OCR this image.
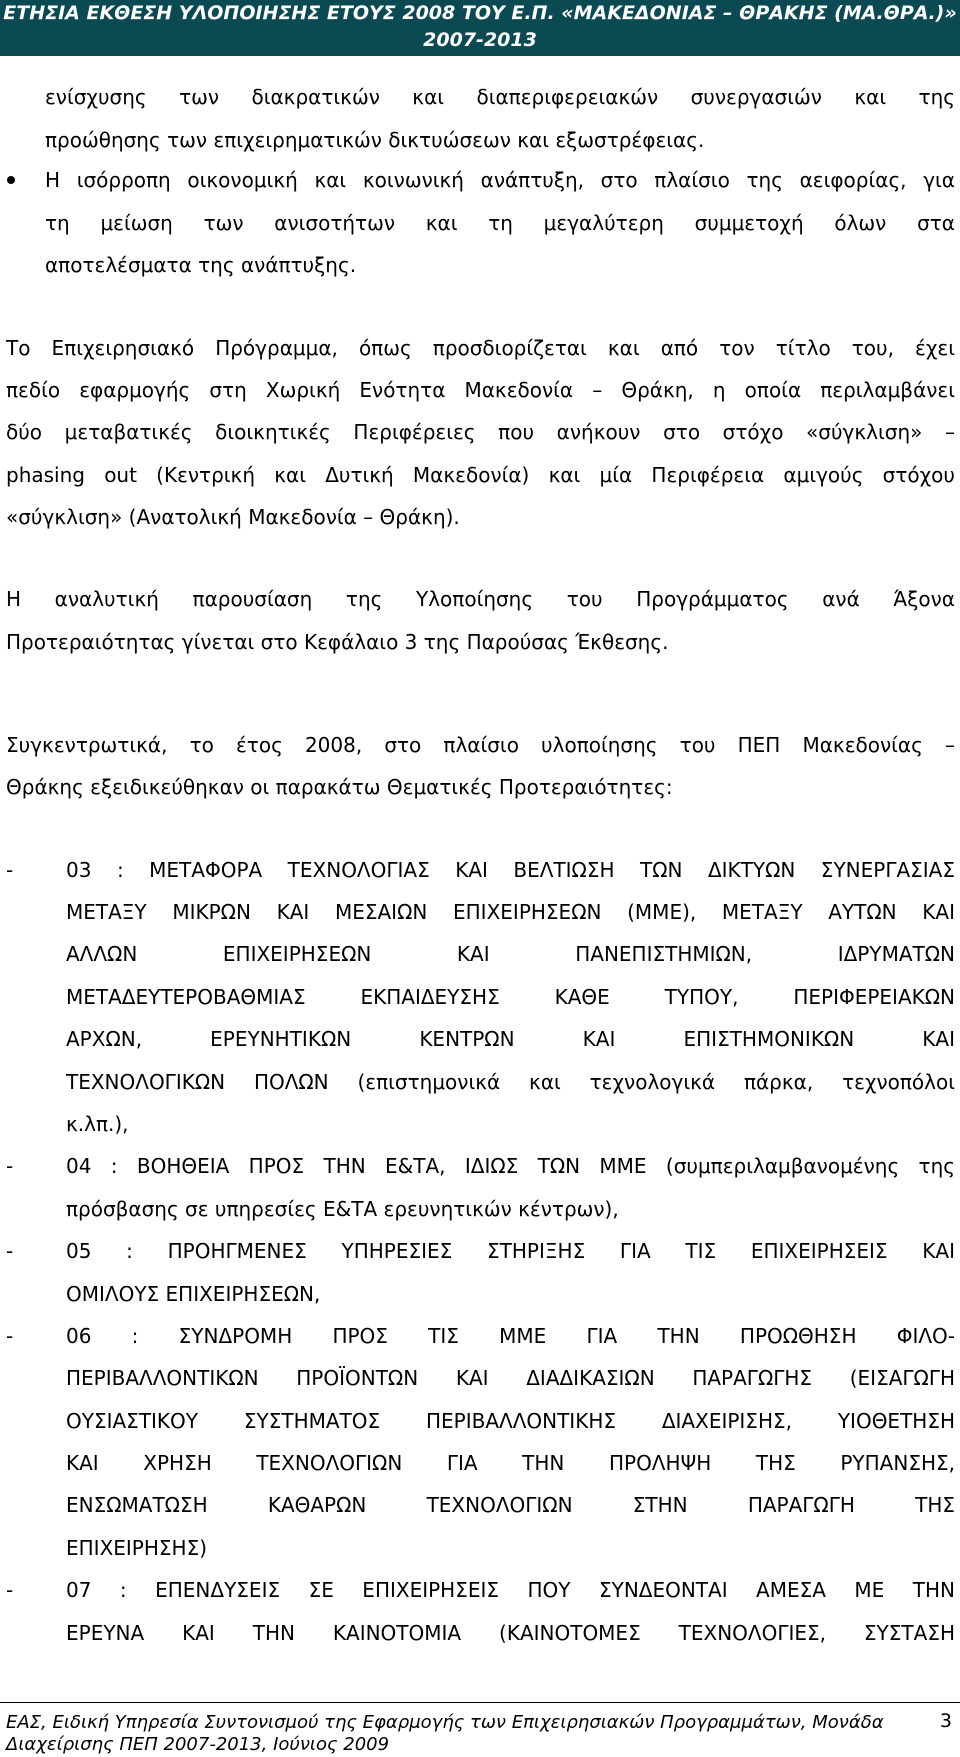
ΕΤΗΣΙΑ ΕΚΘΕΣΗ ΥΛΟΠΟΙΗΣΗΣ ΕΤΟΥΣ 2008 ΤΟΥ Ε.Π. «ΜΑΚΕΔΟΝΙΑΣ – ΘΡΑΚΗΣ (ΜΑ.ΘΡΑ.)»
2007-2013
ενίσχυσης των διακρατικών και διαπεριφερειακών συνεργασιών και της
προώθησης των επιχειρηματικών δικτυώσεων και εξωστρέφειας.
Η ισόρροπη οικονομική και κοινωνική ανάπτυξη, στο πλαίσιο της αειφορίας, για
τη μείωση των ανισοτήτων και τη μεγαλύτερη συμμετοχή όλων στα
αποτελέσματα της ανάπτυξης.
Το Επιχειρησιακό Πρόγραμμα, όπως προσδιορίζεται και από τον τίτλο του, έχει
πεδίο εφαρμογής στη Χωρική Ενότητα Μακεδονία – Θράκη, η οποία περιλαμβάνει
δύο μεταβατικές διοικητικές Περιφέρειες που ανήκουν στο στόχο «σύγκλιση» –
phasing out (Κεντρική και Δυτική Μακεδονία) και μία Περιφέρεια αμιγούς στόχου
«σύγκλιση» (Ανατολική Μακεδονία – Θράκη).
Η αναλυτική παρουσίαση της Υλοποίησης του Προγράμματος ανά Άξονα
Προτεραιότητας γίνεται στο Κεφάλαιο 3 της Παρούσας Έκθεσης.
Συγκεντρωτικά, το έτος 2008, στο πλαίσιο υλοποίησης του ΠΕΠ Μακεδονίας –
Θράκης εξειδικεύθηκαν οι παρακάτω Θεματικές Προτεραιότητες:
-	03 : ΜΕΤΑΦΟΡΑ ΤΕΧΝΟΛΟΓΙΑΣ ΚΑΙ ΒΕΛΤΙΩΣΗ ΤΩΝ ΔΙΚΤΥΩΝ ΣΥΝΕΡΓΑΣΙΑΣ
ΜΕΤΑΞΥ ΜΙΚΡΩΝ ΚΑΙ ΜΕΣΑΙΩΝ ΕΠΙΧΕΙΡΗΣΕΩΝ (ΜΜΕ), ΜΕΤΑΞΥ ΑΥΤΩΝ ΚΑΙ
ΑΛΛΩΝ ΕΠΙΧΕΙΡΗΣΕΩΝ ΚΑΙ ΠΑΝΕΠΙΣΤΗΜΙΩΝ, ΙΔΡΥΜΑΤΩΝ
ΜΕΤΑΔΕΥΤΕΡΟΒΑΘΜΙΑΣ ΕΚΠΑΙΔΕΥΣΗΣ ΚΑΘΕ ΤΥΠΟΥ, ΠΕΡΙΦΕΡΕΙΑΚΩΝ
ΑΡΧΩΝ, ΕΡΕΥΝΗΤΙΚΩΝ ΚΕΝΤΡΩΝ ΚΑΙ ΕΠΙΣΤΗΜΟΝΙΚΩΝ ΚΑΙ
ΤΕΧΝΟΛΟΓΙΚΩΝ ΠΟΛΩΝ (επιστημονικά και τεχνολογικά πάρκα, τεχνοπόλοι
κ.λπ.),
-	04 : ΒΟΗΘΕΙΑ ΠΡΟΣ ΤΗΝ Ε&ΤΑ, ΙΔΙΩΣ ΤΩΝ ΜΜΕ (συμπεριλαμβανομένης της
πρόσβασης σε υπηρεσίες Ε&ΤΑ ερευνητικών κέντρων),
-	05 : ΠΡΟΗΓΜΕΝΕΣ ΥΠΗΡΕΣΙΕΣ ΣΤΗΡΙΞΗΣ ΓΙΑ ΤΙΣ ΕΠΙΧΕΙΡΗΣΕΙΣ ΚΑΙ
ΟΜΙΛΟΥΣ ΕΠΙΧΕΙΡΗΣΕΩΝ,
-	06 : ΣΥΝΔΡΟΜΗ ΠΡΟΣ ΤΙΣ ΜΜΕ ΓΙΑ ΤΗΝ ΠΡΟΩΘΗΣΗ ΦΙΛΟ-
ΠΕΡΙΒΑΛΛΟΝΤΙΚΩΝ ΠΡΟΪΟΝΤΩΝ ΚΑΙ ΔΙΑΔΙΚΑΣΙΩΝ ΠΑΡΑΓΩΓΗΣ (ΕΙΣΑΓΩΓΗ
ΟΥΣΙΑΣΤΙΚΟΥ ΣΥΣΤΗΜΑΤΟΣ ΠΕΡΙΒΑΛΛΟΝΤΙΚΗΣ ΔΙΑΧΕΙΡΙΣΗΣ, ΥΙΟΘΕΤΗΣΗ
ΚΑΙ ΧΡΗΣΗ ΤΕΧΝΟΛΟΓΙΩΝ ΓΙΑ ΤΗΝ ΠΡΟΛΗΨΗ ΤΗΣ ΡΥΠΑΝΣΗΣ,
ΕΝΣΩΜΑΤΩΣΗ ΚΑΘΑΡΩΝ ΤΕΧΝΟΛΟΓΙΩΝ ΣΤΗΝ ΠΑΡΑΓΩΓΗ ΤΗΣ
ΕΠΙΧΕΙΡΗΣΗΣ)
-	07 : ΕΠΕΝΔΥΣΕΙΣ ΣΕ ΕΠΙΧΕΙΡΗΣΕΙΣ ΠΟΥ ΣΥΝΔΕΟΝΤΑΙ ΑΜΕΣΑ ΜΕ ΤΗΝ
ΕΡΕΥΝΑ ΚΑΙ ΤΗΝ ΚΑΙΝΟΤΟΜΙΑ (ΚΑΙΝΟΤΟΜΕΣ ΤΕΧΝΟΛΟΓΙΕΣ, ΣΥΣΤΑΣΗ
ΕΑΣ, Ειδική Υπηρεσία Συντονισμού της Εφαρμογής των Επιχειρησιακών Προγραμμάτων, Μονάδα
Διαχείρισης ΠΕΠ 2007-2013, Ιούνιος 2009
3
